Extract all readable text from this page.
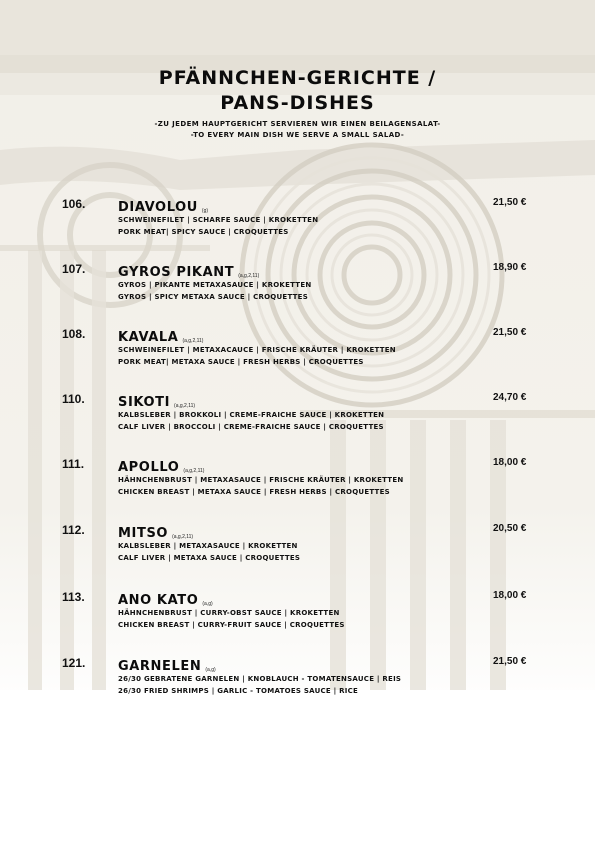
PFÄNNCHEN-GERICHTE /
PANS-DISHES
-ZU JEDEM HAUPTGERICHT SERVIEREN WIR EINEN BEILAGENSALAT-
-TO EVERY MAIN DISH WE SERVE A SMALL SALAD-
106.	DIAVOLOU (g)
SCHWEINEFILET | SCHARFE SAUCE | KROKETTEN
PORK MEAT| SPICY SAUCE | CROQUETTES
21,50 €
107.	GYROS PIKANT (a,g,2,11)
GYROS | PIKANTE METAXASAUCE | KROKETTEN
GYROS | SPICY METAXA SAUCE | CROQUETTES
18,90 €
108.	KAVALA (a,g,2,11)
SCHWEINEFILET | METAXACAUCE | FRISCHE KRÄUTER | KROKETTEN
PORK MEAT| METAXA SAUCE | FRESH HERBS | CROQUETTES
21,50 €
110.	SIKOTI (a,g,2,11)
KALBSLEBER | BROKKOLI | CREME-FRAICHE SAUCE | KROKETTEN
CALF LIVER | BROCCOLI | CREME-FRAICHE SAUCE | CROQUETTES
24,70 €
111.	APOLLO (a,g,2,11)
HÄHNCHENBRUST | METAXASAUCE | FRISCHE KRÄUTER | KROKETTEN
CHICKEN BREAST | METAXA SAUCE | FRESH HERBS | CROQUETTES
18,00 €
112.	MITSO (a,g,2,11)
KALBSLEBER | METAXASAUCE | KROKETTEN
CALF LIVER | METAXA SAUCE | CROQUETTES
20,50 €
113.	ANO KATO (a,g)
HÄHNCHENBRUST | CURRY-OBST SAUCE | KROKETTEN
CHICKEN BREAST | CURRY-FRUIT SAUCE | CROQUETTES
18,00 €
121.	GARNELEN (a,g)
26/30 GEBRATENE GARNELEN | KNOBLAUCH - TOMATENSAUCE | REIS
26/30 FRIED SHRIMPS | GARLIC - TOMATOES SAUCE | RICE
21,50 €
